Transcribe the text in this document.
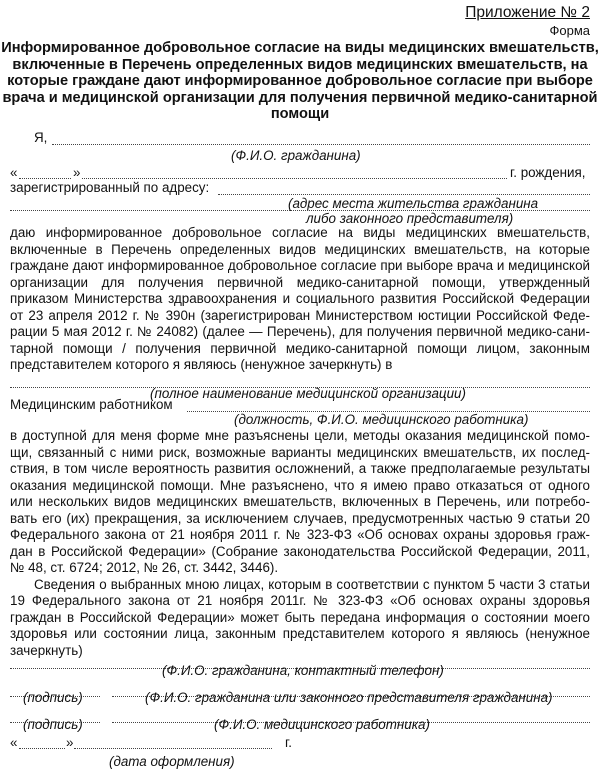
Приложение № 2
Форма
Информированное добровольное согласие на виды медицинских вмешательств, включенные в Перечень определенных видов медицинских вмешательств, на которые граждане дают информированное добровольное согласие при выборе врача и медицинской организации для получения первичной медико-санитарной помощи
Я,
(Ф.И.О. гражданина)
«	»	г. рождения,
зарегистрированный по адресу:
(адрес места жительства гражданина
либо законного представителя)
даю информированное добровольное согласие на виды медицинских вмешательств,
включенные в Перечень определенных видов медицинских вмешательств, на которые
граждане дают информированное добровольное согласие при выборе врача и медицинской
организации для получения первичной медико-санитарной помощи, утвержденный
приказом Министерства здравоохранения и социального развития Российской Федерации
от 23 апреля 2012 г. № 390н (зарегистрирован Министерством юстиции Российской Феде-
рации 5 мая 2012 г. № 24082) (далее — Перечень), для получения первичной медико-сани-
тарной помощи / получения первичной медико-санитарной помощи лицом, законным
представителем которого я являюсь (ненужное зачеркнуть) в
(полное наименование медицинской организации)
Медицинским работником
(должность, Ф.И.О. медицинского работника)
в доступной для меня форме мне разъяснены цели, методы оказания медицинской помо-
щи, связанный с ними риск, возможные варианты медицинских вмешательств, их послед-
ствия, в том числе вероятность развития осложнений, а также предполагаемые результаты
оказания медицинской помощи. Мне разъяснено, что я имею право отказаться от одного
или нескольких видов медицинских вмешательств, включенных в Перечень, или потребо-
вать его (их) прекращения, за исключением случаев, предусмотренных частью 9 статьи 20
Федерального закона от 21 ноября 2011 г. № 323-ФЗ «Об основах охраны здоровья граж-
дан в Российской Федерации» (Собрание законодательства Российской Федерации, 2011,
№ 48, ст. 6724; 2012, № 26, ст. 3442, 3446).
Сведения о выбранных мною лицах, которым в соответствии с пунктом 5 части 3 статьи
19 Федерального закона от 21 ноября 2011г. № 323-ФЗ «Об основах охраны здоровья
граждан в Российской Федерации» может быть передана информация о состоянии моего
здоровья или состоянии лица, законным представителем которого я являюсь (ненужное
зачеркнуть)
(Ф.И.О. гражданина, контактный телефон)
(подпись)	(Ф.И.О. гражданина или законного представителя гражданина)
(подпись)	(Ф.И.О. медицинского работника)
«	»	г.
(дата оформления)
